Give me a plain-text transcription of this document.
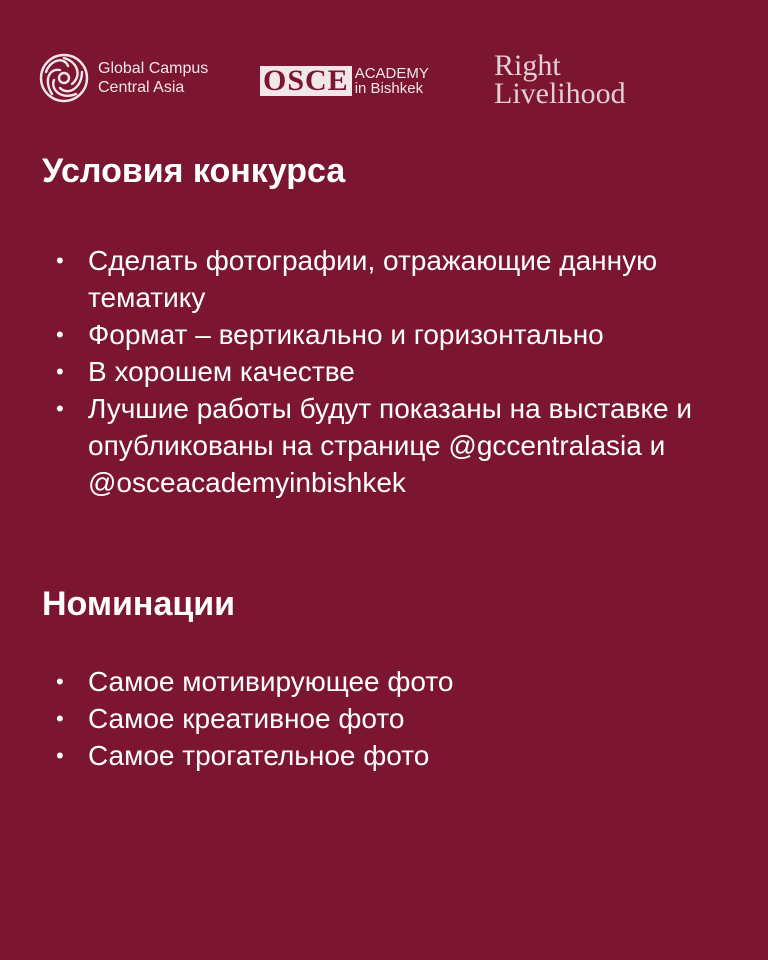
Global Campus
Central Asia	OSCE ACADEMY
in Bishkek
Right
Livelihood
Условия конкурса
• Сделать фотографии, отражающие данную тематику
• Формат – вертикально и горизонтально
• В хорошем качестве
• Лучшие работы будут показаны на выставке и опубликованы на странице @gccentralasia и @osceacademyinbishkek
Номинации
• Самое мотивирующее фото
• Самое креативное фото
• Самое трогательное фото
